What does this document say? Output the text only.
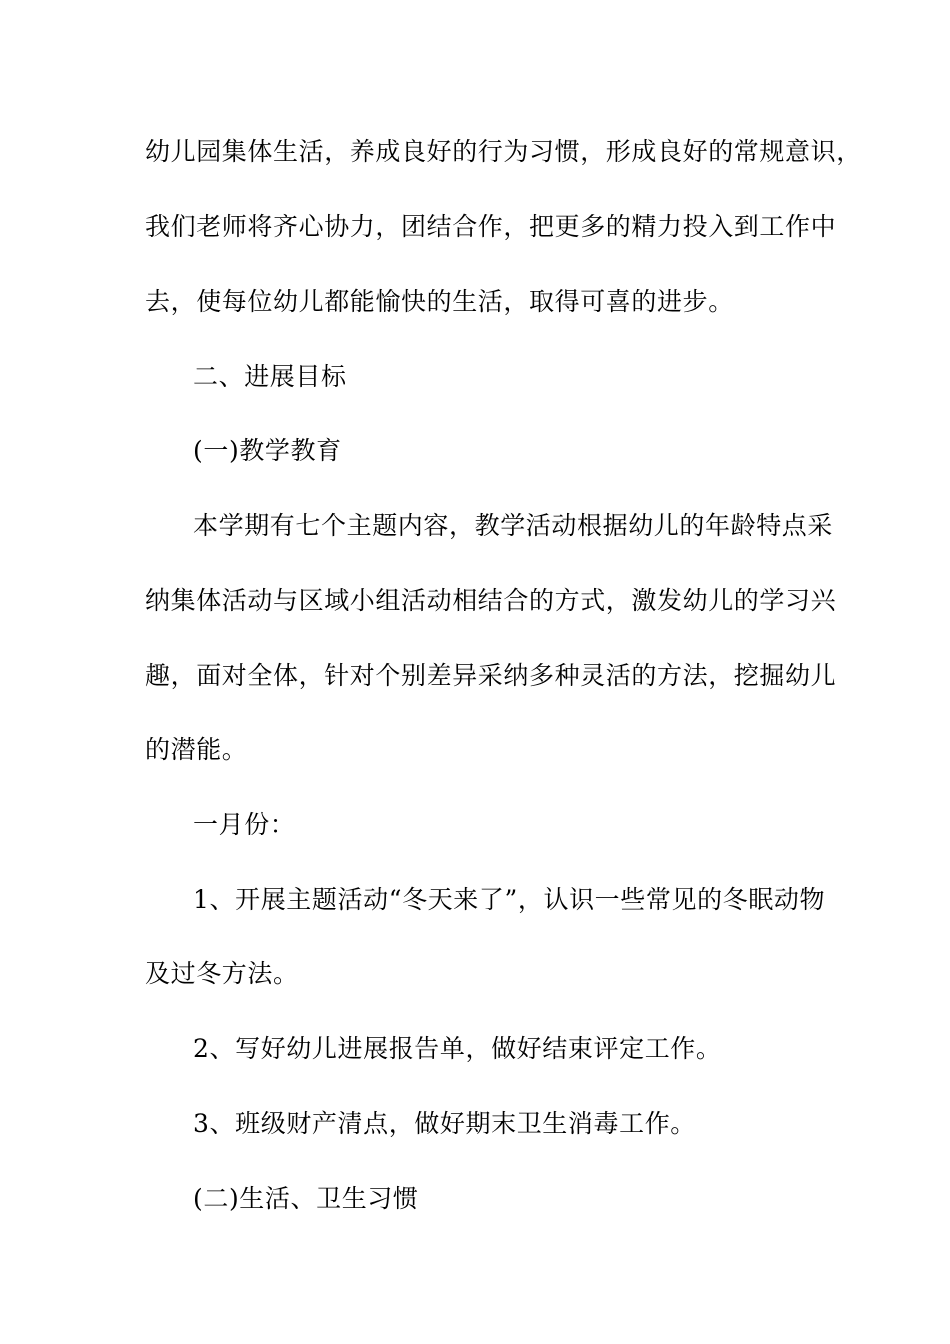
幼儿园集体生活，养成良好的行为习惯，形成良好的常规意识，
我们老师将齐心协力，团结合作，把更多的精力投入到工作中
去，使每位幼儿都能愉快的生活，取得可喜的进步。
二、进展目标
(一)教学教育
本学期有七个主题内容，教学活动根据幼儿的年龄特点采
纳集体活动与区域小组活动相结合的方式，激发幼儿的学习兴
趣，面对全体，针对个别差异采纳多种灵活的方法，挖掘幼儿
的潜能。
一月份：
1、开展主题活动“冬天来了”，认识一些常见的冬眠动物
及过冬方法。
2、写好幼儿进展报告单，做好结束评定工作。
3、班级财产清点，做好期末卫生消毒工作。
(二)生活、卫生习惯
